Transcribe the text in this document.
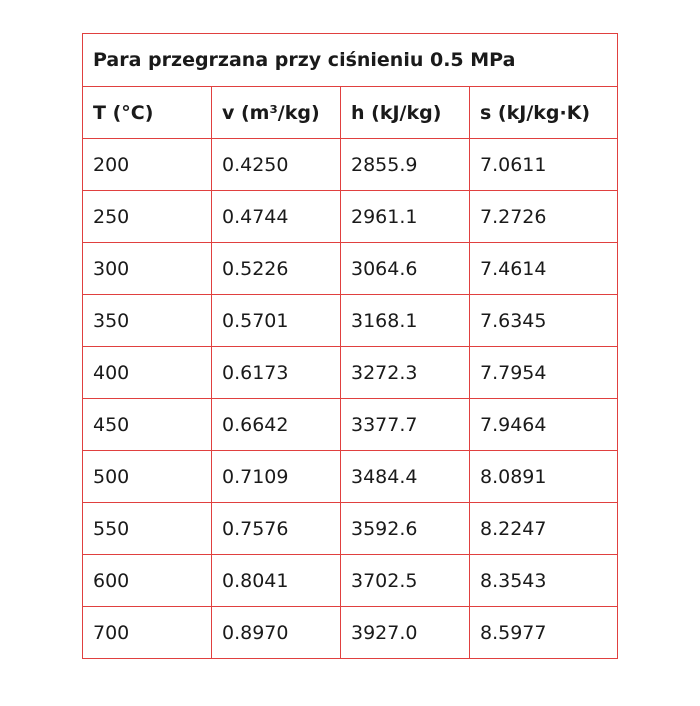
Para przegrzana przy ciśnieniu 0.5 MPa			
T (°C)	v (m³/kg)	h (kJ/kg)	s (kJ/kg·K)
200	0.4250	2855.9	7.0611
250	0.4744	2961.1	7.2726
300	0.5226	3064.6	7.4614
350	0.5701	3168.1	7.6345
400	0.6173	3272.3	7.7954
450	0.6642	3377.7	7.9464
500	0.7109	3484.4	8.0891
550	0.7576	3592.6	8.2247
600	0.8041	3702.5	8.3543
700	0.8970	3927.0	8.5977
